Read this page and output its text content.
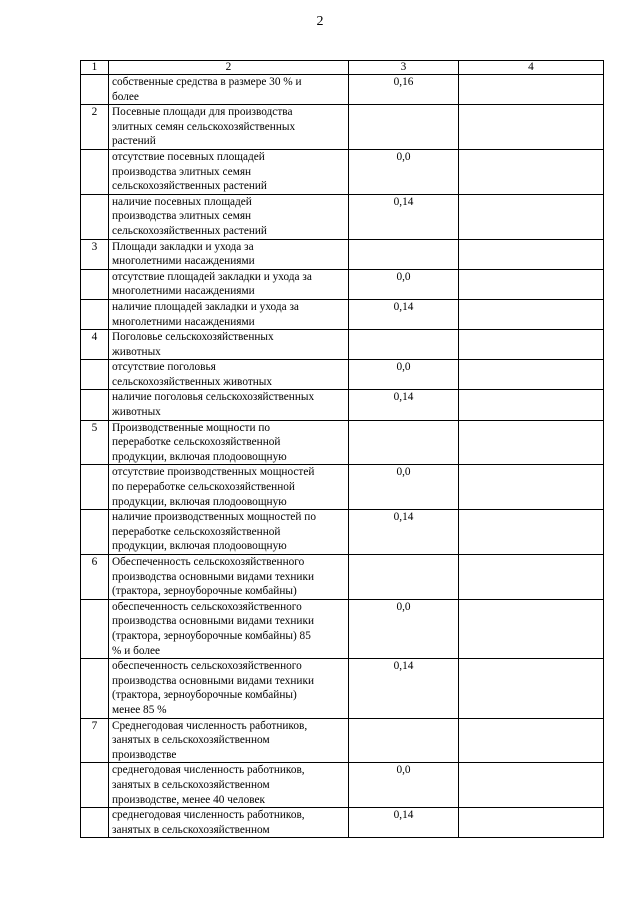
2
1	2	3	4
	собственные средства в размере 30 % и
более	0,16	
2	Посевные площади для производства
элитных семян сельскохозяйственных
растений		
	отсутствие посевных площадей
производства элитных семян
сельскохозяйственных растений	0,0	
	наличие посевных площадей
производства элитных семян
сельскохозяйственных растений	0,14	
3	Площади закладки и ухода за
многолетними насаждениями		
	отсутствие площадей закладки и ухода за
многолетними насаждениями	0,0	
	наличие площадей закладки и ухода за
многолетними насаждениями	0,14	
4	Поголовье сельскохозяйственных
животных		
	отсутствие поголовья
сельскохозяйственных животных	0,0	
	наличие поголовья сельскохозяйственных
животных	0,14	
5	Производственные мощности по
переработке сельскохозяйственной
продукции, включая плодоовощную		
	отсутствие производственных мощностей
по переработке сельскохозяйственной
продукции, включая плодоовощную	0,0	
	наличие производственных мощностей по
переработке сельскохозяйственной
продукции, включая плодоовощную	0,14	
6	Обеспеченность сельскохозяйственного
производства основными видами техники
(трактора, зерноуборочные комбайны)		
	обеспеченность сельскохозяйственного
производства основными видами техники
(трактора, зерноуборочные комбайны) 85
% и более	0,0	
	обеспеченность сельскохозяйственного
производства основными видами техники
(трактора, зерноуборочные комбайны)
менее 85 %	0,14	
7	Среднегодовая численность работников,
занятых в сельскохозяйственном
производстве		
	среднегодовая численность работников,
занятых в сельскохозяйственном
производстве, менее 40 человек	0,0	
	среднегодовая численность работников,
занятых в сельскохозяйственном	0,14	
